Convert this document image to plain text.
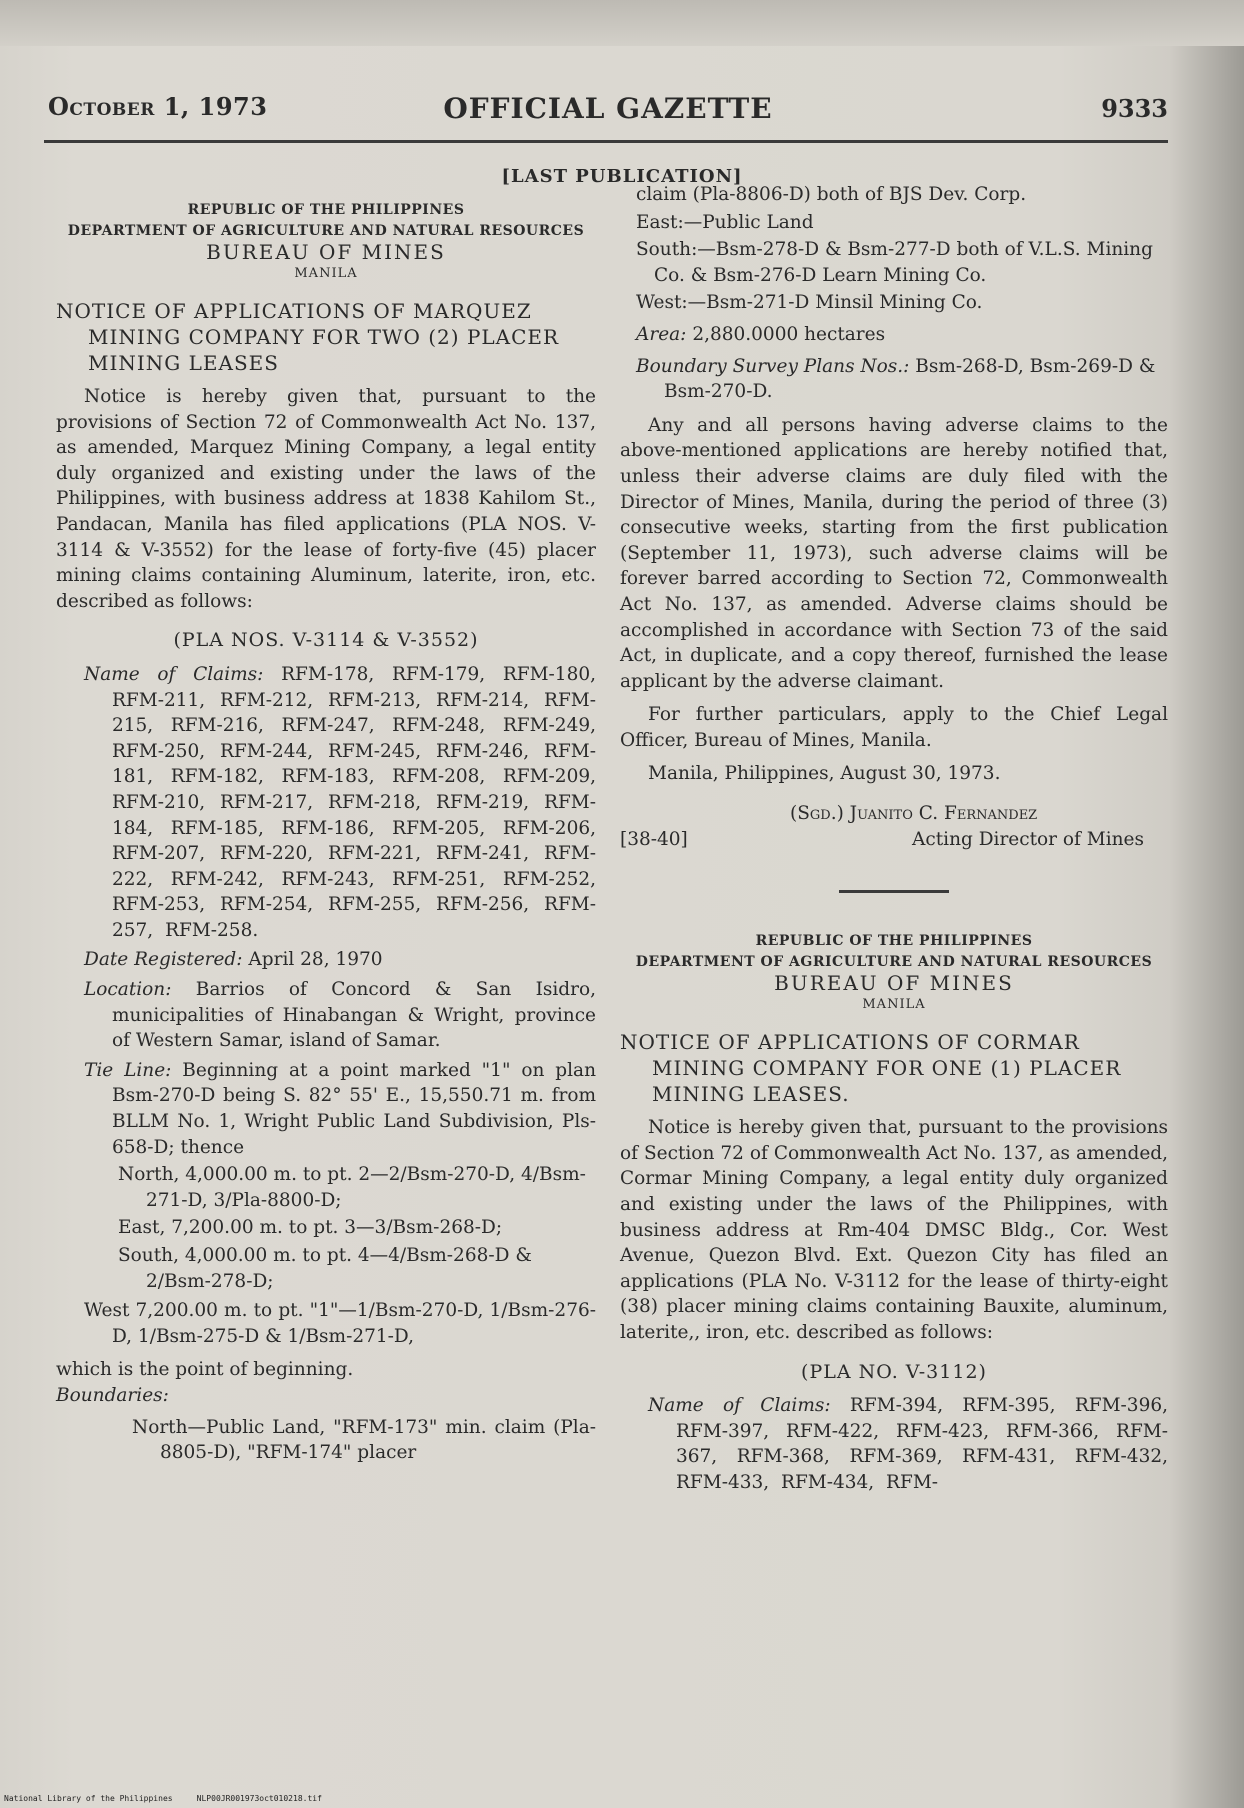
OFFICIAL GAZETTE
October 1, 1973	9333
[LAST PUBLICATION]
REPUBLIC OF THE PHILIPPINES
DEPARTMENT OF AGRICULTURE AND NATURAL RESOURCES
BUREAU OF MINES
MANILA
NOTICE OF APPLICATIONS OF MARQUEZ MINING COMPANY FOR TWO (2) PLACER MINING LEASES

Notice is hereby given that, pursuant to the provisions of Section 72 of Commonwealth Act No. 137, as amended, Marquez Mining Company, a legal entity duly organized and existing under the laws of the Philippines, with business address at 1838 Kahilom St., Pandacan, Manila has filed applications (PLA NOS. V-3114 & V-3552) for the lease of forty-five (45) placer mining claims containing Aluminum, laterite, iron, etc. described as follows:

(PLA NOS. V-3114 & V-3552)

Name of Claims: RFM-178, RFM-179, RFM-180, RFM-211, RFM-212, RFM-213, RFM-214, RFM-215, RFM-216, RFM-247, RFM-248, RFM-249, RFM-250, RFM-244, RFM-245, RFM-246, RFM-181, RFM-182, RFM-183, RFM-208, RFM-209, RFM-210, RFM-217, RFM-218, RFM-219, RFM-184, RFM-185, RFM-186, RFM-205, RFM-206, RFM-207, RFM-220, RFM-221, RFM-241, RFM-222, RFM-242, RFM-243, RFM-251, RFM-252, RFM-253, RFM-254, RFM-255, RFM-256, RFM-257, RFM-258.

Date Registered: April 28, 1970

Location: Barrios of Concord & San Isidro, municipalities of Hinabangan & Wright, province of Western Samar, island of Samar.

Tie Line: Beginning at a point marked "1" on plan Bsm-270-D being S. 82° 55' E., 15,550.71 m. from BLLM No. 1, Wright Public Land Subdivision, Pls-658-D; thence

North, 4,000.00 m. to pt. 2—2/Bsm-270-D, 4/Bsm-271-D, 3/Pla-8800-D;

East, 7,200.00 m. to pt. 3—3/Bsm-268-D;

South, 4,000.00 m. to pt. 4—4/Bsm-268-D & 2/Bsm-278-D;

West 7,200.00 m. to pt. "1"—1/Bsm-270-D, 1/Bsm-276-D, 1/Bsm-275-D & 1/Bsm-271-D,

which is the point of beginning.

Boundaries:

North—Public Land, "RFM-173" min. claim (Pla-8805-D), "RFM-174" placer

claim (Pla-8806-D) both of BJS Dev. Corp.

East:—Public Land

South:—Bsm-278-D & Bsm-277-D both of V.L.S. Mining Co. & Bsm-276-D Learn Mining Co.

West:—Bsm-271-D Minsil Mining Co.

Area: 2,880.0000 hectares

Boundary Survey Plans Nos.: Bsm-268-D, Bsm-269-D & Bsm-270-D.

Any and all persons having adverse claims to the above-mentioned applications are hereby notified that, unless their adverse claims are duly filed with the Director of Mines, Manila, during the period of three (3) consecutive weeks, starting from the first publication (September 11, 1973), such adverse claims will be forever barred according to Section 72, Commonwealth Act No. 137, as amended. Adverse claims should be accomplished in accordance with Section 73 of the said Act, in duplicate, and a copy thereof, furnished the lease applicant by the adverse claimant.

For further particulars, apply to the Chief Legal Officer, Bureau of Mines, Manila.

Manila, Philippines, August 30, 1973.

(Sgd.) Juanito C. Fernandez
[38-40]	Acting Director of Mines
REPUBLIC OF THE PHILIPPINES
DEPARTMENT OF AGRICULTURE AND NATURAL RESOURCES
BUREAU OF MINES
MANILA
NOTICE OF APPLICATIONS OF CORMAR MINING COMPANY FOR ONE (1) PLACER MINING LEASES.

Notice is hereby given that, pursuant to the provisions of Section 72 of Commonwealth Act No. 137, as amended, Cormar Mining Company, a legal entity duly organized and existing under the laws of the Philippines, with business address at Rm-404 DMSC Bldg., Cor. West Avenue, Quezon Blvd. Ext. Quezon City has filed an applications (PLA No. V-3112 for the lease of thirty-eight (38) placer mining claims containing Bauxite, aluminum, laterite,, iron, etc. described as follows:

(PLA NO. V-3112)

Name of Claims: RFM-394, RFM-395, RFM-396, RFM-397, RFM-422, RFM-423, RFM-366, RFM-367, RFM-368, RFM-369, RFM-431, RFM-432, RFM-433, RFM-434, RFM-

National Library of the Philippines	NLP00JR001973oct010218.tif
